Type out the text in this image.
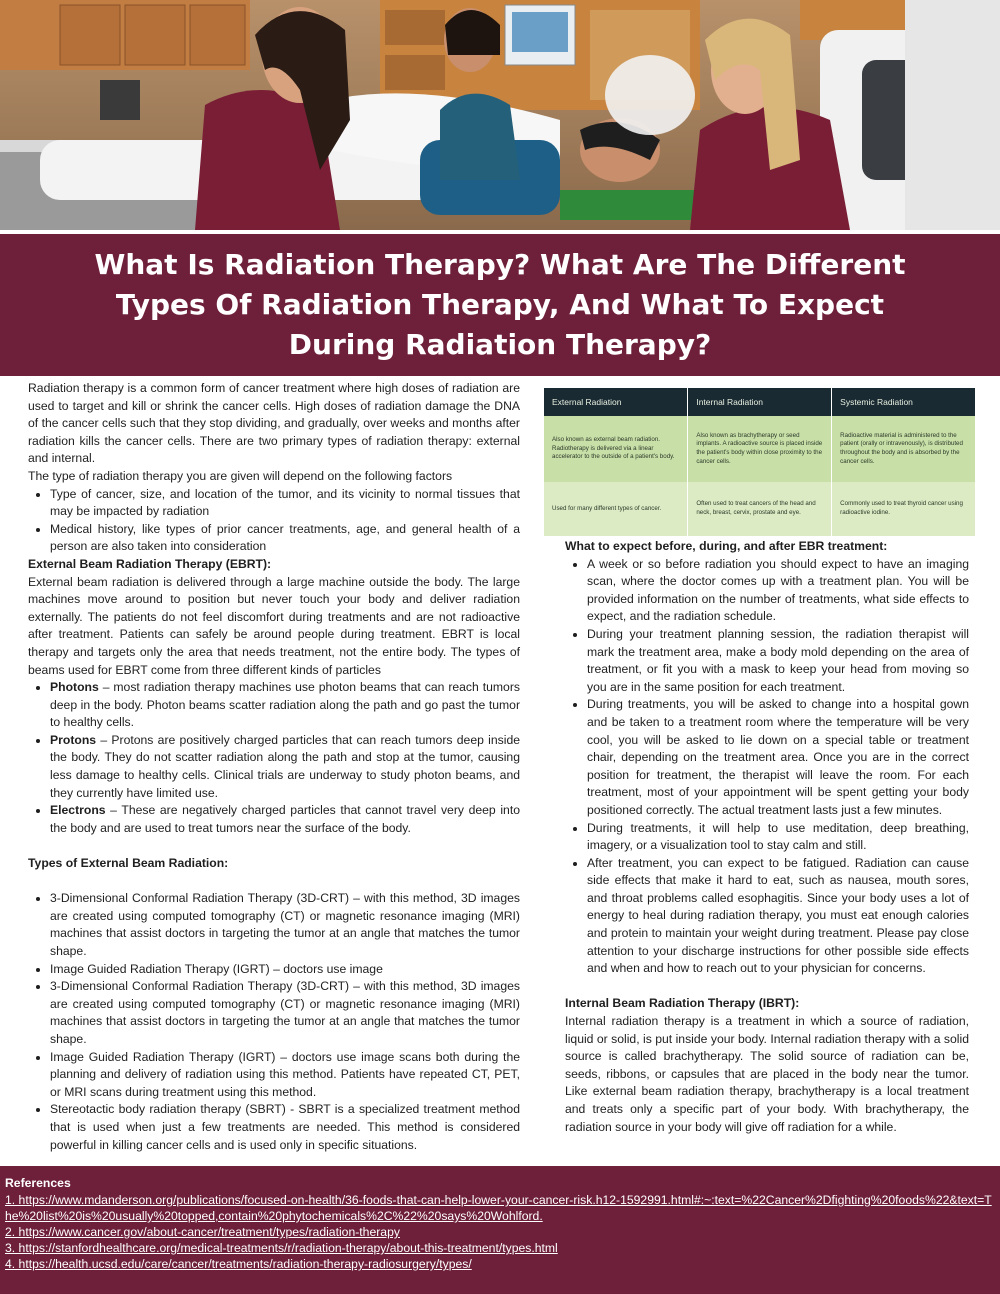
What Is Radiation Therapy? What Are The Different Types Of Radiation Therapy, And What To Expect During Radiation Therapy?

Radiation therapy is a common form of cancer treatment where high doses of radiation are used to target and kill or shrink the cancer cells. High doses of radiation damage the DNA of the cancer cells such that they stop dividing, and gradually, over weeks and months after radiation kills the cancer cells. There are two primary types of radiation therapy: external and internal.

The type of radiation therapy you are given will depend on the following factors

• Type of cancer, size, and location of the tumor, and its vicinity to normal tissues that may be impacted by radiation
• Medical history, like types of prior cancer treatments, age, and general health of a person are also taken into consideration

External Beam Radiation Therapy (EBRT):

External beam radiation is delivered through a large machine outside the body. The large machines move around to position but never touch your body and deliver radiation externally. The patients do not feel discomfort during treatments and are not radioactive after treatment. Patients can safely be around people during treatment. EBRT is local therapy and targets only the area that needs treatment, not the entire body. The types of beams used for EBRT come from three different kinds of particles

• Photons – most radiation therapy machines use photon beams that can reach tumors deep in the body. Photon beams scatter radiation along the path and go past the tumor to healthy cells.
• Protons – Protons are positively charged particles that can reach tumors deep inside the body. They do not scatter radiation along the path and stop at the tumor, causing less damage to healthy cells. Clinical trials are underway to study photon beams, and they currently have limited use.
• Electrons – These are negatively charged particles that cannot travel very deep into the body and are used to treat tumors near the surface of the body.

Types of External Beam Radiation:

• 3-Dimensional Conformal Radiation Therapy (3D-CRT) – with this method, 3D images are created using computed tomography (CT) or magnetic resonance imaging (MRI) machines that assist doctors in targeting the tumor at an angle that matches the tumor shape.
• Image Guided Radiation Therapy (IGRT) – doctors use image
• 3-Dimensional Conformal Radiation Therapy (3D-CRT) – with this method, 3D images are created using computed tomography (CT) or magnetic resonance imaging (MRI) machines that assist doctors in targeting the tumor at an angle that matches the tumor shape.
• Image Guided Radiation Therapy (IGRT) – doctors use image scans both during the planning and delivery of radiation using this method. Patients have repeated CT, PET, or MRI scans during treatment using this method.
• Stereotactic body radiation therapy (SBRT) - SBRT is a specialized treatment method that is used when just a few treatments are needed. This method is considered powerful in killing cancer cells and is used only in specific situations.
External Radiation	Internal Radiation	Systemic Radiation
Also known as external beam radiation. Radiotherapy is delivered via a linear accelerator to the outside of a patient's body.	Also known as brachytherapy or seed implants. A radioactive source is placed inside the patient's body within close proximity to the cancer cells.	Radioactive material is administered to the patient (orally or intravenously), is distributed throughout the body and is absorbed by the cancer cells.
Used for many different types of cancer.	Often used to treat cancers of the head and neck, breast, cervix, prostate and eye.	Commonly used to treat thyroid cancer using radioactive iodine.

What to expect before, during, and after EBR treatment:

• A week or so before radiation you should expect to have an imaging scan, where the doctor comes up with a treatment plan. You will be provided information on the number of treatments, what side effects to expect, and the radiation schedule.
• During your treatment planning session, the radiation therapist will mark the treatment area, make a body mold depending on the area of treatment, or fit you with a mask to keep your head from moving so you are in the same position for each treatment.
• During treatments, you will be asked to change into a hospital gown and be taken to a treatment room where the temperature will be very cool, you will be asked to lie down on a special table or treatment chair, depending on the treatment area. Once you are in the correct position for treatment, the therapist will leave the room. For each treatment, most of your appointment will be spent getting your body positioned correctly. The actual treatment lasts just a few minutes.
• During treatments, it will help to use meditation, deep breathing, imagery, or a visualization tool to stay calm and still.
• After treatment, you can expect to be fatigued. Radiation can cause side effects that make it hard to eat, such as nausea, mouth sores, and throat problems called esophagitis. Since your body uses a lot of energy to heal during radiation therapy, you must eat enough calories and protein to maintain your weight during treatment. Please pay close attention to your discharge instructions for other possible side effects and when and how to reach out to your physician for concerns.

Internal Beam Radiation Therapy (IBRT):

Internal radiation therapy is a treatment in which a source of radiation, liquid or solid, is put inside your body. Internal radiation therapy with a solid source is called brachytherapy. The solid source of radiation can be, seeds, ribbons, or capsules that are placed in the body near the tumor. Like external beam radiation therapy, brachytherapy is a local treatment and treats only a specific part of your body. With brachytherapy, the radiation source in your body will give off radiation for a while.

References
1. https://www.mdanderson.org/publications/focused-on-health/36-foods-that-can-help-lower-your-cancer-risk.h12-1592991.html#:~:text=%22Cancer%2Dfighting%20foods%22&text=The%20list%20is%20usually%20topped,contain%20phytochemicals%2C%22%20says%20Wohlford.
2. https://www.cancer.gov/about-cancer/treatment/types/radiation-therapy
3. https://stanfordhealthcare.org/medical-treatments/r/radiation-therapy/about-this-treatment/types.html
4. https://health.ucsd.edu/care/cancer/treatments/radiation-therapy-radiosurgery/types/
